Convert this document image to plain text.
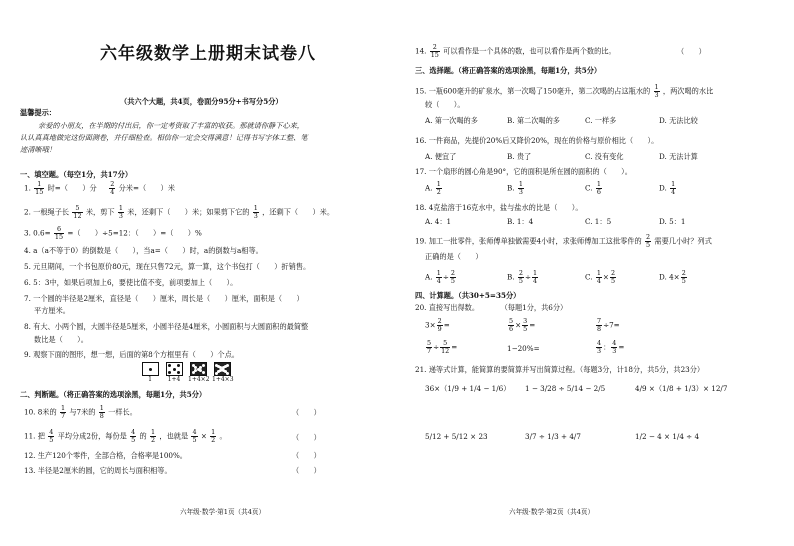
六年级数学上册期末试卷八
（共六个大题，共4页，卷面分95分+书写分5分）
温馨提示：
亲爱的小朋友，在半期的付出后，你一定考资取了丰富的收获。那就请你静下心来，
认认真真地做完这份面测卷，并仔细检查。相信你一定会交得满意！记得书写字体工整、笔
迹清晰哦！
一、填空题。（每空1分，共17分）
1. $\frac{1}{15}$ 时=（　　）分 $\frac{2}{4}$ 分米=（　　）米
2. 一根绳子长 $\frac{5}{12}$ 米，剪下 $\frac{1}{3}$ 米，还剩下（　　）米；如果剪下它的 $\frac{1}{3}$ ，还剩下（　　）米。
3. $0.6= \frac{6}{15}$ =（　　）÷5=12：（　　）=（　　）%
4. a（a不等于0）的倒数是（　　），当a=（　　）时，a的倒数与a相等。
5. 元旦期间，一个书包原价80元，现在只售72元，算一算，这个书包打（　　）折销售。
6. 5：3中，如果后项加上6，要使比值不变，前项要加上（　　）。
7. 一个圆的半径是2厘米，直径是（　　）厘米，周长是（　　）厘米，面积是（　　）
平方厘米。
8. 有大、小两个圆，大圆半径是5厘米，小圆半径是4厘米，小圆面积与大圆面积的最简整
数比是（　　）。
9. 观察下面的图形，想一想，后面的第8个方框里有（　　）个点。
1	1+4	1+4×2 1+4×3
二、判断题。（将正确答案的选项涂黑，每题1分，共5分）
10. 8米的 $\frac{1}{7}$ 与7米的 $\frac{1}{8}$ 一样长。	（　　）
11. 把 $\frac{4}{5}$ 平均分成2份，每份是 $\frac{4}{5}$ 的 $\frac{1}{2}$ ，也就是 $\frac{4}{5} \times \frac{1}{2}$ 。	（　　）
12. 生产120个零件，全部合格，合格率是100%。	（　　）
13. 半径是2厘米的圆，它的周长与面积相等。	（　　）
六年级·数学·第1页（共4页）
14. $\frac{2}{15}$ 可以看作是一个具体的数，也可以看作是两个数的比。	（　　）
三、选择题。（将正确答案的选项涂黑，每题1分，共5分）
15. 一瓶600毫升的矿泉水，第一次喝了150毫升，第二次喝的占这瓶水的 $\frac{1}{3}$ ，两次喝的水比
较（　　）。
A. 第一次喝的多	B. 第二次喝的多	C. 一样多	D. 无法比较
16. 一件商品，先提价20%后又降价20%，现在的价格与原价相比（　　）。
A. 便宜了	B. 贵了	C. 没有变化	D. 无法计算
17. 一个扇形的圆心角是90°，它的面积是所在圆的面积的（　　）。
A. $\frac{1}{2}$	B. $\frac{1}{3}$	C. $\frac{1}{6}$	D. $\frac{1}{4}$
18. 4克盐溶于16克水中，盐与盐水的比是（　　）。
A. 4：1	B. 1：4	C. 1：5	D. 5：1
19. 加工一批零件，张师傅单独做需要4小时，求张师傅加工这批零件的 $\frac{2}{5}$ 需要几小时？列式
正确的是（　　）
A. $\frac{1}{4} \div \frac{2}{5}$	B. $\frac{2}{5} \div \frac{1}{4}$	C. $\frac{1}{4} \times \frac{2}{5}$	D. $4\times \frac{2}{5}$
四、计算题。（共30+5=35分）
20. 直接写出得数。　　　　（每题1分，共6分）
$3\times \frac{2}{9}$ =	$\frac{5}{6} \times \frac{3}{5}$ =	$\frac{7}{8} \div 7=$
$\frac{5}{7} \div \frac{5}{12}$ =	1−20%=	$\frac{4}{3}$ ： $\frac{4}{3}$ =
21. 递等式计算，能简算的要简算并写出简算过程。（每题3分，计18分，共5分，共23分）
36×（1/9 + 1/4 − 1/6） 1 − 3/28 ÷ 5/14 − 2/5	4/9 ×（1/8 + 1/3）× 12/7
5/12 + 5/12 × 23	3/7 ÷ 1/3 + 4/7	1/2 − 4 × 1/4 ÷ 4
六年级·数学·第2页（共4页）
